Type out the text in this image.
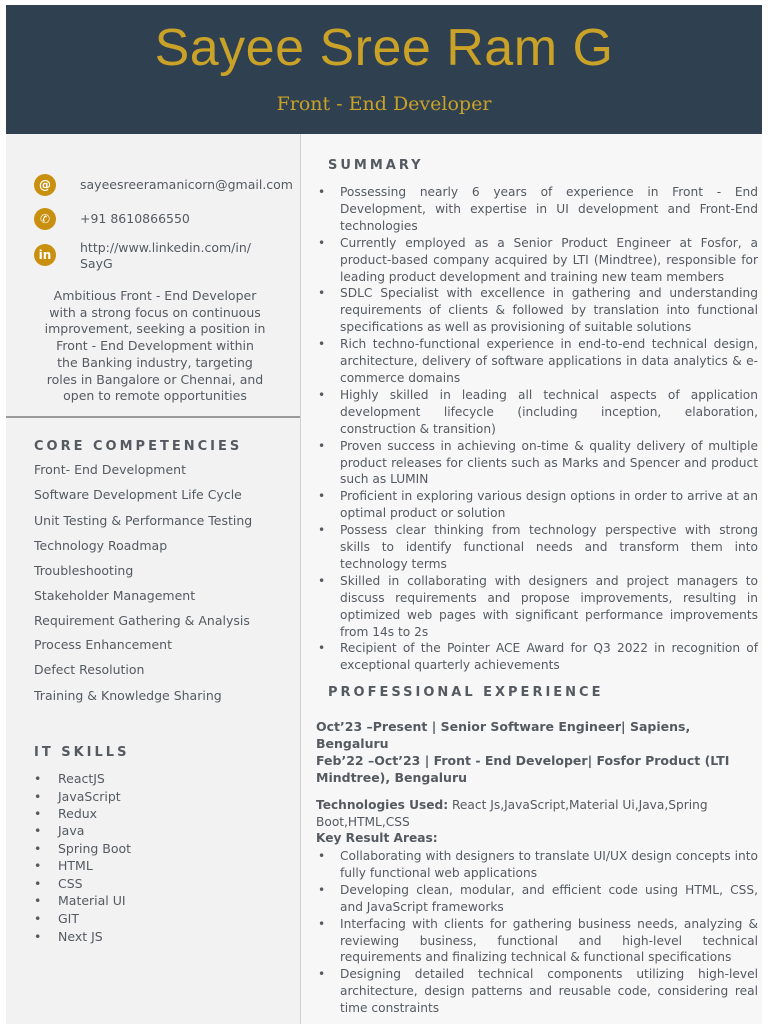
Sayee Sree Ram G
Front - End Developer
@	sayeesreeramanicorn@gmail.com
✆	+91 8610866550
in	http://www.linkedin.com/in/
SayG
Ambitious Front - End Developer with a strong focus on continuous improvement, seeking a position in Front - End Development within the Banking industry, targeting roles in Bangalore or Chennai, and open to remote opportunities
CORE COMPETENCIES
Front- End Development
Software Development Life Cycle
Unit Testing & Performance Testing
Technology Roadmap
Troubleshooting
Stakeholder Management
Requirement Gathering & Analysis
Process Enhancement
Defect Resolution
Training & Knowledge Sharing
IT SKILLS
• ReactJS
• JavaScript
• Redux
• Java
• Spring Boot
• HTML
• CSS
• Material UI
• GIT
• Next JS
SUMMARY
• Possessing nearly 6 years of experience in Front - End Development, with expertise in UI development and Front-End technologies
• Currently employed as a Senior Product Engineer at Fosfor, a product-based company acquired by LTI (Mindtree), responsible for leading product development and training new team members
• SDLC Specialist with excellence in gathering and understanding requirements of clients & followed by translation into functional specifications as well as provisioning of suitable solutions
• Rich techno-functional experience in end-to-end technical design, architecture, delivery of software applications in data analytics & e-commerce domains
• Highly skilled in leading all technical aspects of application development lifecycle (including inception, elaboration, construction & transition)
• Proven success in achieving on-time & quality delivery of multiple product releases for clients such as Marks and Spencer and product such as LUMIN
• Proficient in exploring various design options in order to arrive at an optimal product or solution
• Possess clear thinking from technology perspective with strong skills to identify functional needs and transform them into technology terms
• Skilled in collaborating with designers and project managers to discuss requirements and propose improvements, resulting in optimized web pages with significant performance improvements from 14s to 2s
• Recipient of the Pointer ACE Award for Q3 2022 in recognition of exceptional quarterly achievements
PROFESSIONAL EXPERIENCE
Oct’23 –Present | Senior Software Engineer| Sapiens, Bengaluru
Feb’22 –Oct’23 | Front - End Developer| Fosfor Product (LTI Mindtree), Bengaluru
Technologies Used: React Js,JavaScript,Material Ui,Java,Spring Boot,HTML,CSS
Key Result Areas:
• Collaborating with designers to translate UI/UX design concepts into fully functional web applications
• Developing clean, modular, and efficient code using HTML, CSS, and JavaScript frameworks
• Interfacing with clients for gathering business needs, analyzing & reviewing business, functional and high-level technical requirements and finalizing technical & functional specifications
• Designing detailed technical components utilizing high-level architecture, design patterns and reusable code, considering real time constraints
